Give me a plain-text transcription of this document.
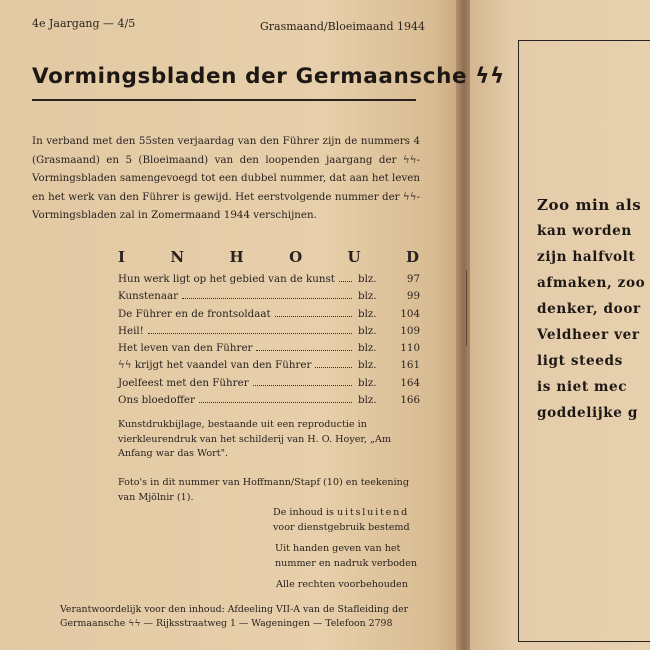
4e Jaargang — 4/5	Grasmaand/Bloeimaand 1944
Vormingsbladen der Germaansche ϟϟ
In verband met den 55sten verjaardag van den Führer zijn de nummers 4 (Grasmaand) en 5 (Bloeimaand) van den loopenden jaargang der ϟϟ-Vormingsbladen samengevoegd tot een dubbel nummer, dat aan het leven en het werk van den Führer is gewijd. Het eerstvolgende nummer der ϟϟ-Vormingsbladen zal in Zomermaand 1944 verschijnen.
I	N	H	O	U	D
Hun werk ligt op het gebied van de kunst blz.	97
Kunstenaar	blz.	99
De Führer en de frontsoldaat	blz.	104
Heil!	blz.	109
Het leven van den Führer	blz.	110
ϟϟ krijgt het vaandel van den Führer	blz.	161
Joelfeest met den Führer	blz.	164
Ons bloedoffer	blz.	166
Kunstdrukbijlage, bestaande uit een reproductie in vierkleurendruk van het schilderij van H. O. Hoyer, „Am Anfang war das Wort".
Foto's in dit nummer van Hoffmann/Stapf (10) en teekening van Mjölnir (1).
De inhoud is uitsluitend
voor dienstgebruik bestemd
Uit handen geven van het
nummer en nadruk verboden
Alle rechten voorbehouden
Verantwoordelijk voor den inhoud: Afdeeling VII-A van de Stafleiding der
Germaansche ϟϟ — Rijksstraatweg 1 — Wageningen — Telefoon 2798
Zoo min als
kan worden
zijn halfvolt
afmaken, zoo
denker, door
Veldheer ver
ligt steeds
is niet mec
goddelijke g
